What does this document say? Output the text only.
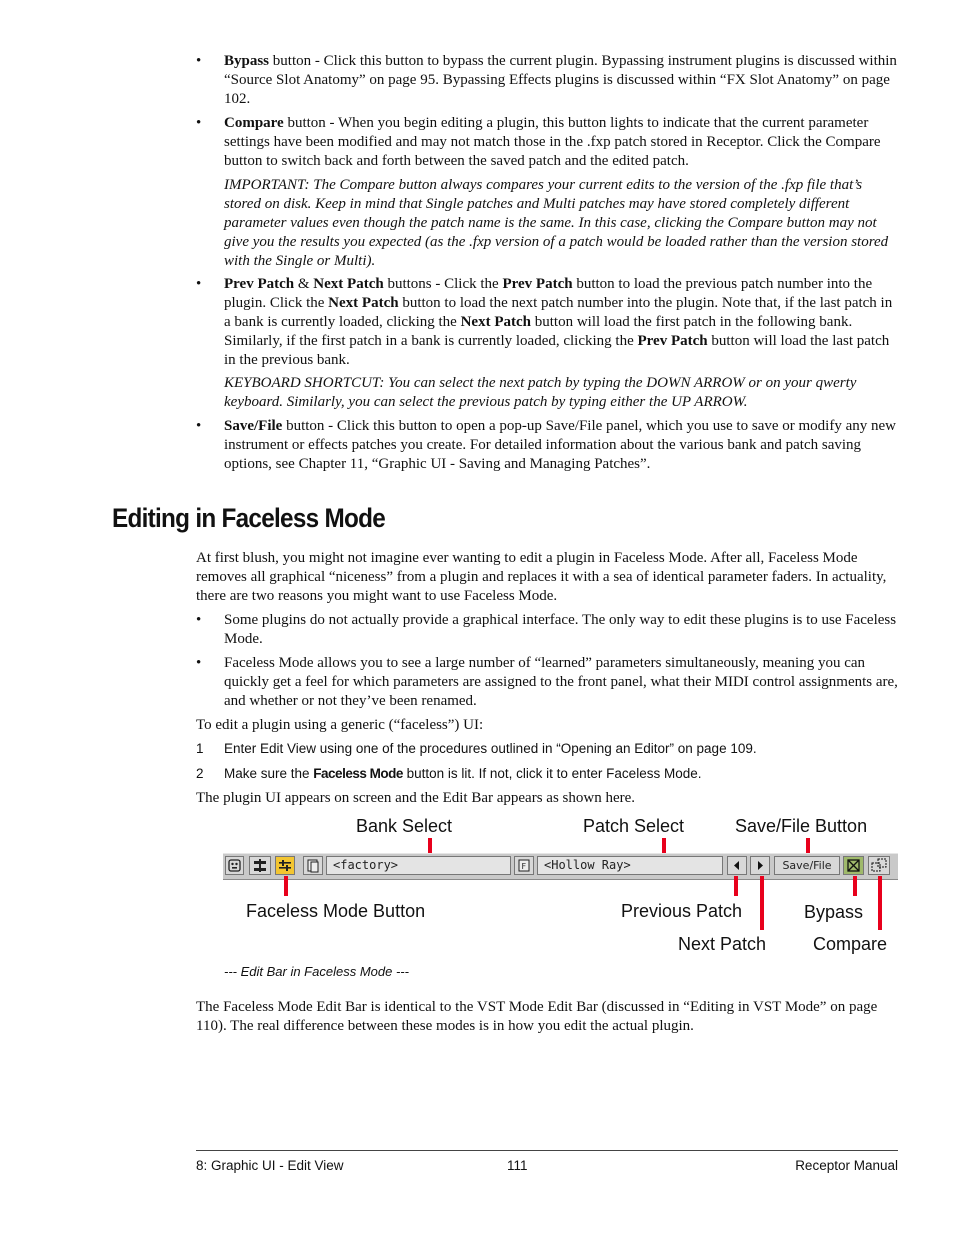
• Bypass button - Click this button to bypass the current plugin. Bypassing instrument plugins is discussed within “Source Slot Anatomy” on page 95. Bypassing Effects plugins is discussed within “FX Slot Anatomy” on page 102.
• Compare button - When you begin editing a plugin, this button lights to indicate that the current parameter settings have been modified and may not match those in the .fxp patch stored in Receptor. Click the Compare button to switch back and forth between the saved patch and the edited patch.
IMPORTANT: The Compare button always compares your current edits to the version of the .fxp file that’s stored on disk. Keep in mind that Single patches and Multi patches may have stored completely different parameter values even though the patch name is the same. In this case, clicking the Compare button may not give you the results you expected (as the .fxp version of a patch would be loaded rather than the version stored with the Single or Multi).
• Prev Patch & Next Patch buttons - Click the Prev Patch button to load the previous patch number into the plugin. Click the Next Patch button to load the next patch number into the plugin. Note that, if the last patch in a bank is currently loaded, clicking the Next Patch button will load the first patch in the following bank. Similarly, if the first patch in a bank is currently loaded, clicking the Prev Patch button will load the last patch in the previous bank.
KEYBOARD SHORTCUT: You can select the next patch by typing the DOWN ARROW or on your qwerty keyboard. Similarly, you can select the previous patch by typing either the UP ARROW.
• Save/File button - Click this button to open a pop-up Save/File panel, which you use to save or modify any new instrument or effects patches you create. For detailed information about the various bank and patch saving options, see Chapter 11, “Graphic UI - Saving and Managing Patches”.
Editing in Faceless Mode
At first blush, you might not imagine ever wanting to edit a plugin in Faceless Mode. After all, Faceless Mode removes all graphical “niceness” from a plugin and replaces it with a sea of identical parameter faders. In actuality, there are two reasons you might want to use Faceless Mode.
• Some plugins do not actually provide a graphical interface. The only way to edit these plugins is to use Faceless Mode.
• Faceless Mode allows you to see a large number of “learned” parameters simultaneously, meaning you can quickly get a feel for which parameters are assigned to the front panel, what their MIDI control assignments are, and whether or not they’ve been renamed.
To edit a plugin using a generic (“faceless”) UI:
1 Enter Edit View using one of the procedures outlined in “Opening an Editor” on page 109.
2 Make sure the Faceless Mode button is lit. If not, click it to enter Faceless Mode.
The plugin UI appears on screen and the Edit Bar appears as shown here.
Bank Select	Patch Select	Save/File Button
<factory>	F	<Hollow Ray>	Save/File
Faceless Mode Button	Previous Patch	Bypass
Next Patch	Compare
--- Edit Bar in Faceless Mode ---
The Faceless Mode Edit Bar is identical to the VST Mode Edit Bar (discussed in “Editing in VST Mode” on page 110). The real difference between these modes is in how you edit the actual plugin.
8: Graphic UI - Edit View	111	Receptor Manual
